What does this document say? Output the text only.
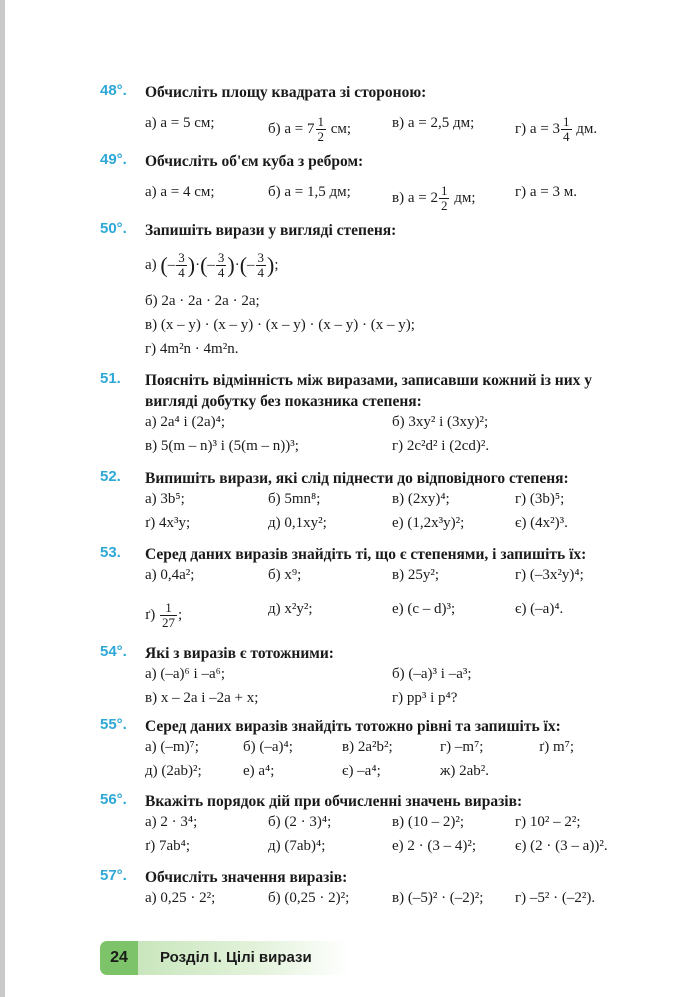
48°.	Обчисліть площу квадрата зі стороною:
а) a = 5 см;	б) $a = 7 \frac{1}{2}$ см;	в) a = 2,5 дм;	г) $a = 3 \frac{1}{4}$ дм.
49°.	Обчисліть об'єм куба з ребром:
а) a = 4 см;	б) a = 1,5 дм;	в) $a = 2 \frac{1}{2}$ дм;	г) a = 3 м.
50°.	Запишіть вирази у вигляді степеня:
а) (– $\frac{3}{4}$ )·(– $\frac{3}{4}$ )·(– $\frac{3}{4}$ );
б) 2a · 2a · 2a · 2a;
в) (x – y) · (x – y) · (x – y) · (x – y) · (x – y);
г) 4m²n · 4m²n.
51.	Поясніть відмінність між виразами, записавши кожний із них у вигляді добутку без показника степеня:
а) 2a⁴ і (2a)⁴;	б) 3xy² і (3xy)²;
в) 5(m – n)³ і (5(m – n))³;	г) 2c²d² і (2cd)².
52.	Випишіть вирази, які слід піднести до відповідного степеня:
а) 3b⁵;	б) 5mn⁸;	в) (2xy)⁴;	г) (3b)⁵;
ґ) 4x³y;	д) 0,1xy²;	е) (1,2x³y)²;	є) (4x²)³.
53.	Серед даних виразів знайдіть ті, що є степенями, і запишіть їх:
а) 0,4a²;	б) x⁹;	в) 25y²;	г) (–3x²y)⁴;
$ґ) \frac{1}{27}$ ;	д) x²y²;	е) (c – d)³;	є) (–a)⁴.
54°.	Які з виразів є тотожними:
а) (–a)⁶ і –a⁶;	б) (–a)³ і –a³;
в) x – 2a і –2a + x;	г) pp³ і p⁴?
55°.	Серед даних виразів знайдіть тотожно рівні та запишіть їх:
а) (–m)⁷;	б) (–a)⁴;	в) 2a²b²;	г) –m⁷;	ґ) m⁷;
д) (2ab)²;	е) a⁴;	є) –a⁴;	ж) 2ab².
56°.	Вкажіть порядок дій при обчисленні значень виразів:
а) 2 · 3⁴;	б) (2 · 3)⁴;	в) (10 – 2)²;	г) 10² – 2²;
ґ) 7ab⁴;	д) (7ab)⁴;	е) 2 · (3 – 4)²;	є) (2 · (3 – a))².
57°.	Обчисліть значення виразів:
а) 0,25 · 2²;	б) (0,25 · 2)²;	в) (–5)² · (–2)²; г) –5² · (–2²).
24	Розділ І. Цілі вирази
